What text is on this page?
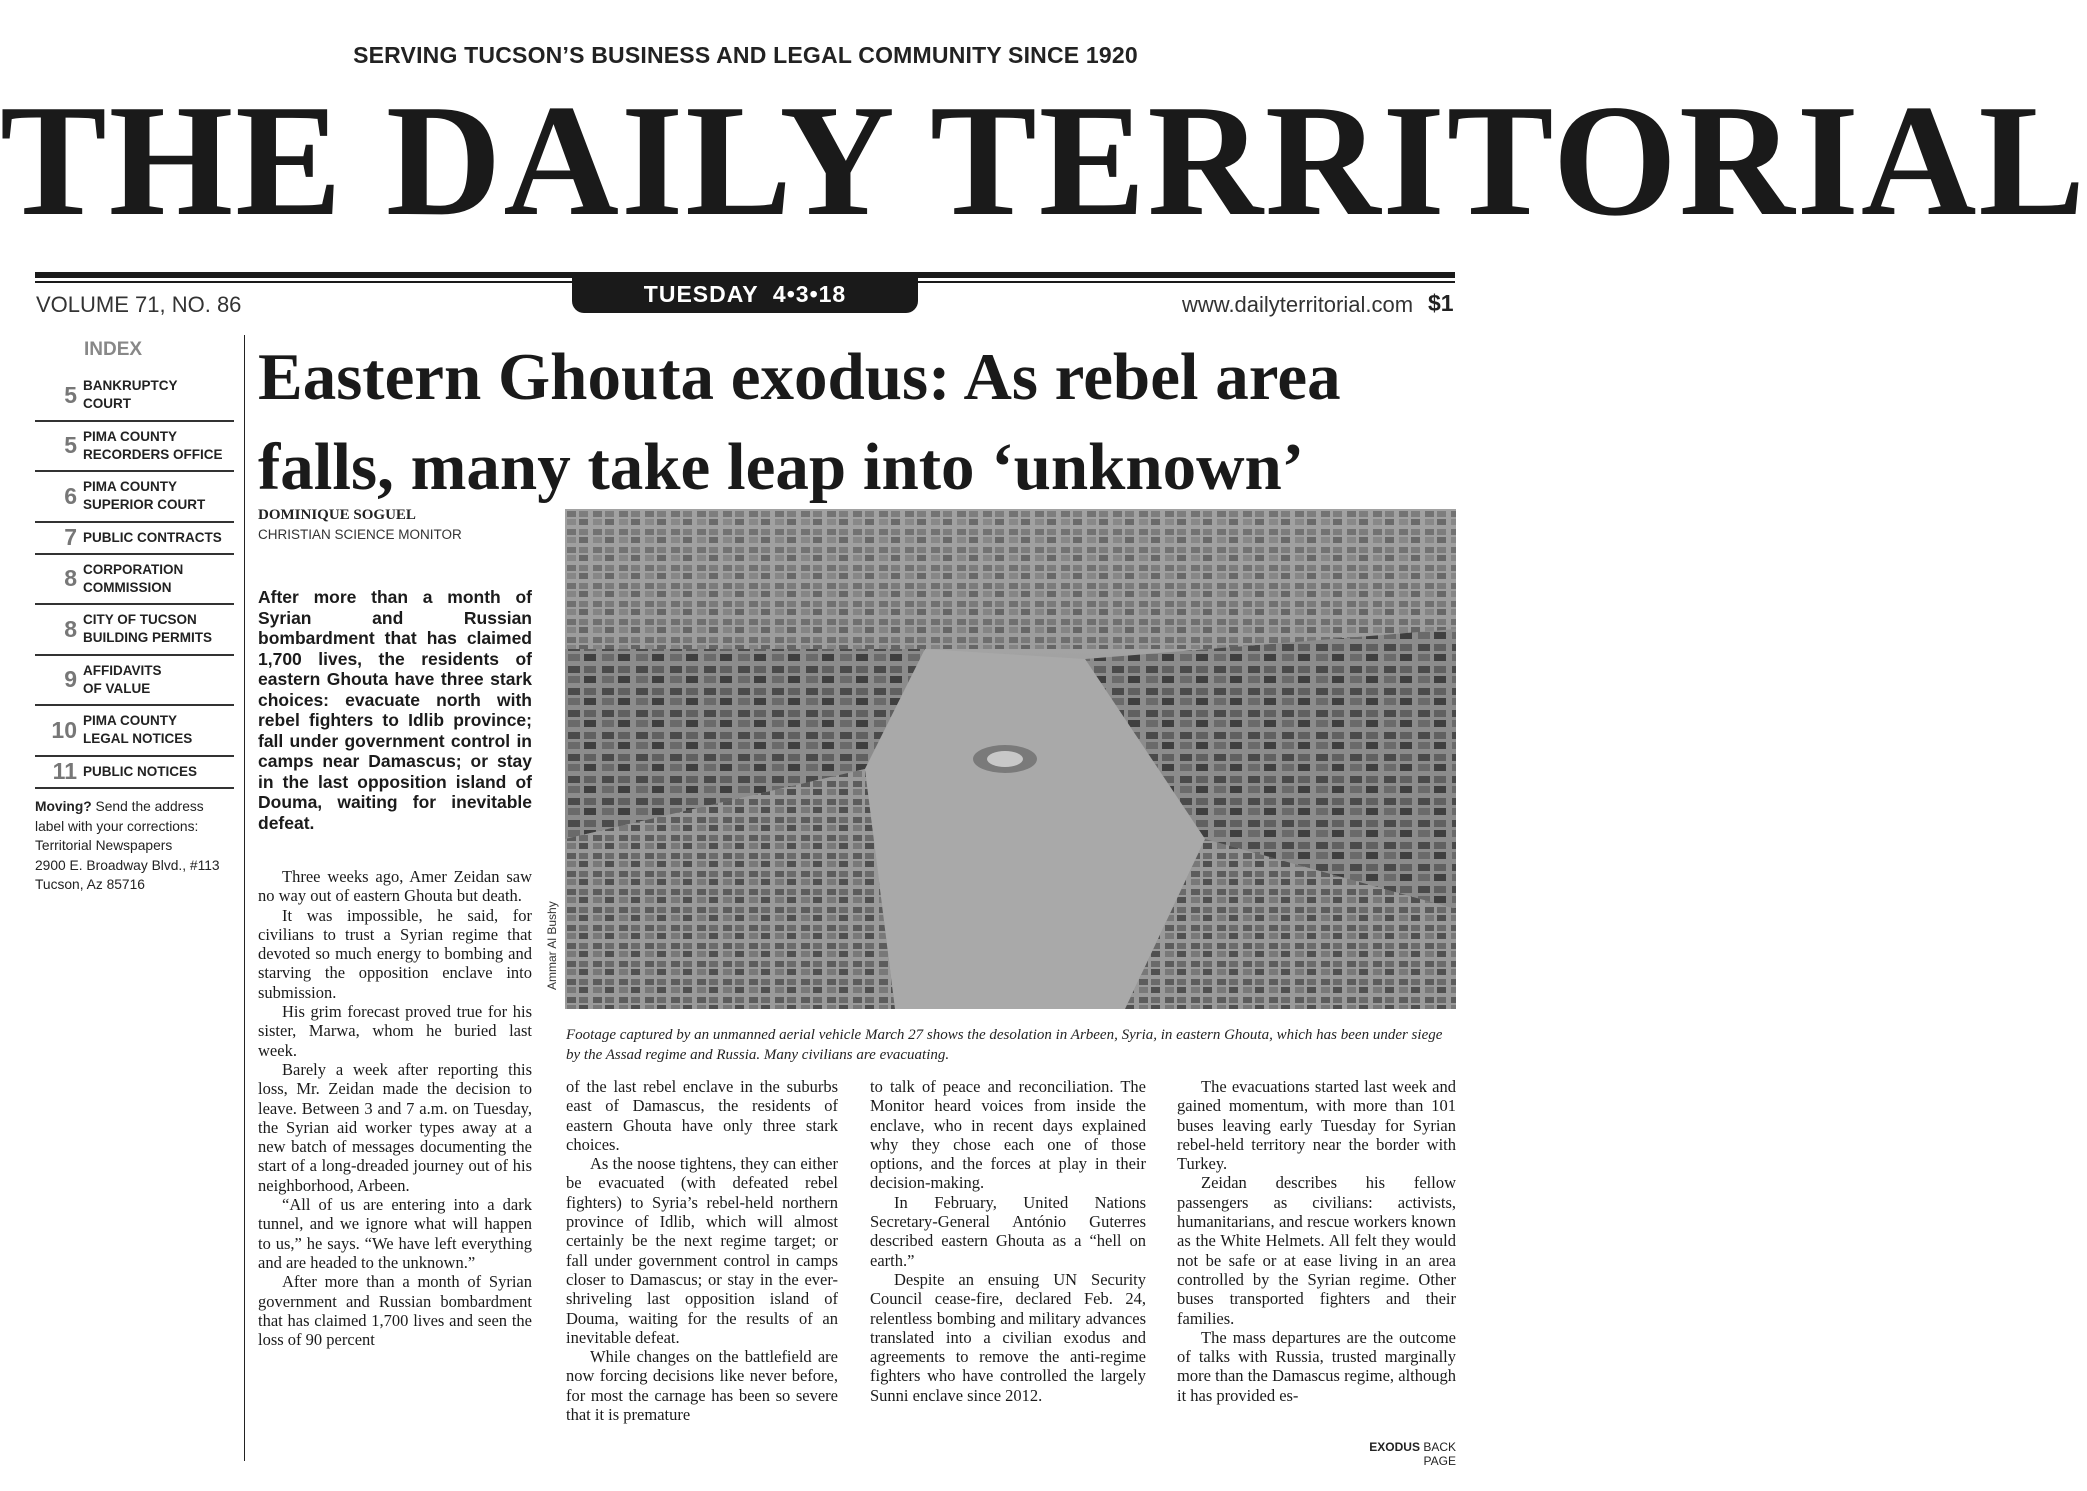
SERVING TUCSON’S BUSINESS AND LEGAL COMMUNITY SINCE 1920
THE DAILY TERRITORIAL
TUESDAY  4•3•18
VOLUME 71, NO. 86	www.dailyterritorial.com $1
INDEX
5 BANKRUPTCY
COURT
5 PIMA COUNTY
RECORDERS OFFICE
6 PIMA COUNTY
SUPERIOR COURT
7 PUBLIC CONTRACTS
8 CORPORATION
COMMISSION
8 CITY OF TUCSON
BUILDING PERMITS
9 AFFIDAVITS
OF VALUE
10 PIMA COUNTY
LEGAL NOTICES
11 PUBLIC NOTICES
Moving? Send the address label with your corrections:
Territorial Newspapers
2900 E. Broadway Blvd., #113
Tucson, Az 85716
Eastern Ghouta exodus: As rebel area
falls, many take leap into ‘unknown’
DOMINIQUE SOGUEL
CHRISTIAN SCIENCE MONITOR
After more than a month of Syrian and Russian bombardment that has claimed 1,700 lives, the residents of eastern Ghouta have three stark choices: evacuate north with rebel fighters to Idlib province; fall under government control in camps near Damascus; or stay in the last opposition island of Douma, waiting for inevitable defeat.
Ammar Al Bushy
Footage captured by an unmanned aerial vehicle March 27 shows the desolation in Arbeen, Syria, in eastern Ghouta, which has been under siege by the Assad regime and Russia. Many civilians are evacuating.

Three weeks ago, Amer Zeidan saw no way out of eastern Ghouta but death.

It was impossible, he said, for civilians to trust a Syrian regime that devoted so much energy to bombing and starving the opposition enclave into submission.

His grim forecast proved true for his sister, Marwa, whom he buried last week.

Barely a week after reporting this loss, Mr. Zeidan made the decision to leave. Between 3 and 7 a.m. on Tuesday, the Syrian aid worker types away at a new batch of messages documenting the start of a long-dreaded journey out of his neighborhood, Arbeen.

“All of us are entering into a dark tunnel, and we ignore what will happen to us,” he says. “We have left everything and are headed to the unknown.”

After more than a month of Syrian government and Russian bombardment that has claimed 1,700 lives and seen the loss of 90 percent

of the last rebel enclave in the suburbs east of Damascus, the residents of eastern Ghouta have only three stark choices.

As the noose tightens, they can either be evacuated (with defeated rebel fighters) to Syria’s rebel-held northern province of Idlib, which will almost certainly be the next regime target; or fall under government control in camps closer to Damascus; or stay in the ever-shriveling last opposition island of Douma, waiting for the results of an inevitable defeat.

While changes on the battlefield are now forcing decisions like never before, for most the carnage has been so severe that it is premature

to talk of peace and reconciliation. The Monitor heard voices from inside the enclave, who in recent days explained why they chose each one of those options, and the forces at play in their decision-making.

In February, United Nations Secretary-General António Guterres described eastern Ghouta as a “hell on earth.”

Despite an ensuing UN Security Council cease-fire, declared Feb. 24, relentless bombing and military advances translated into a civilian exodus and agreements to remove the anti-regime fighters who have controlled the largely Sunni enclave since 2012.

The evacuations started last week and gained momentum, with more than 101 buses leaving early Tuesday for Syrian rebel-held territory near the border with Turkey.

Zeidan describes his fellow passengers as civilians: activists, humanitarians, and rescue workers known as the White Helmets. All felt they would not be safe or at ease living in an area controlled by the Syrian regime. Other buses transported fighters and their families.

The mass departures are the outcome of talks with Russia, trusted marginally more than the Damascus regime, although it has provided es-

EXODUS BACK PAGE
